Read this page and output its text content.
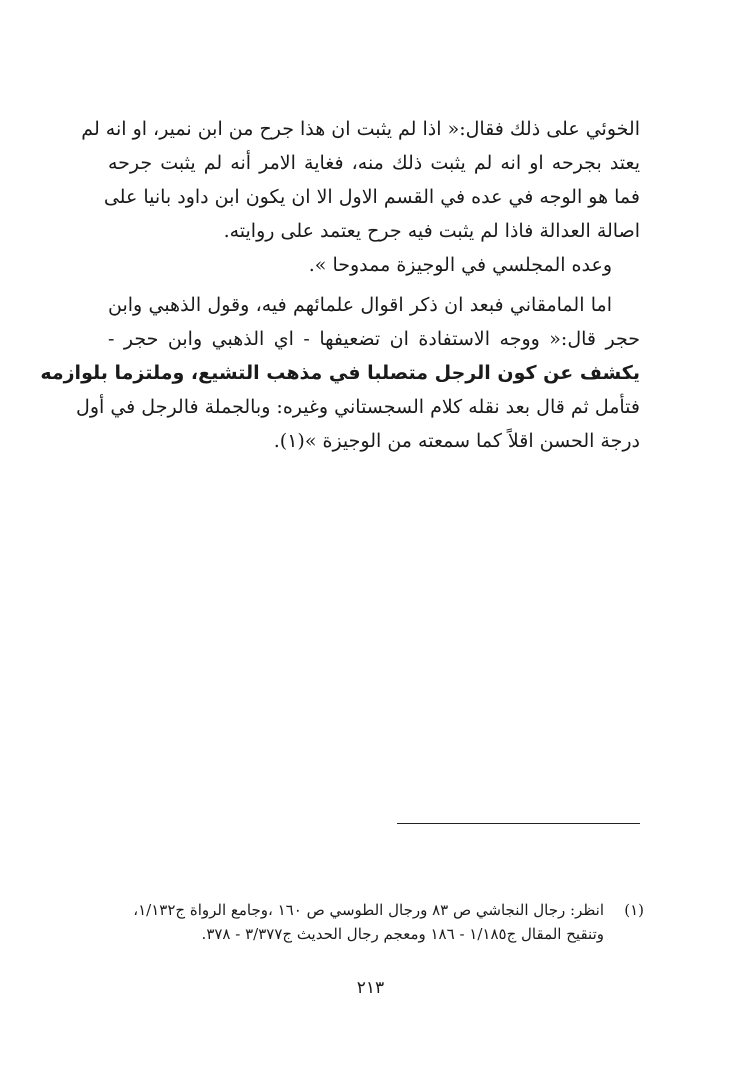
الخوئي على ذلك فقال:« اذا لم يثبت ان هذا جرح من ابن نمير، او انه لم
يعتد بجرحه او انه لم يثبت ذلك منه، فغاية الامر أنه لم يثبت جرحه
فما هو الوجه في عده في القسم الاول الا ان يكون ابن داود بانيا على
اصالة العدالة فاذا لم يثبت فيه جرح يعتمد على روايته.

وعده المجلسي في الوجيزة ممدوحا ».

اما المامقاني فبعد ان ذكر اقوال علمائهم فيه، وقول الذهبي وابن
حجر قال:« ووجه الاستفادة ان تضعيفها - اي الذهبي وابن حجر -
يكشف عن كون الرجل متصلبا في مذهب التشيع، وملتزما بلوازمه
فتأمل ثم قال بعد نقله كلام السجستاني وغيره: وبالجملة فالرجل في أول
درجة الحسن اقلاً كما سمعته من الوجيزة »(١).

(١)
انظر: رجال النجاشي ص ٨٣ ورجال الطوسي ص ١٦٠ ،وجامع الرواة ج١/١٣٢،
وتنقيح المقال ج١/١٨٥ - ١٨٦ ومعجم رجال الحديث ج٣/٣٧٧ - ٣٧٨.
٢١٣
